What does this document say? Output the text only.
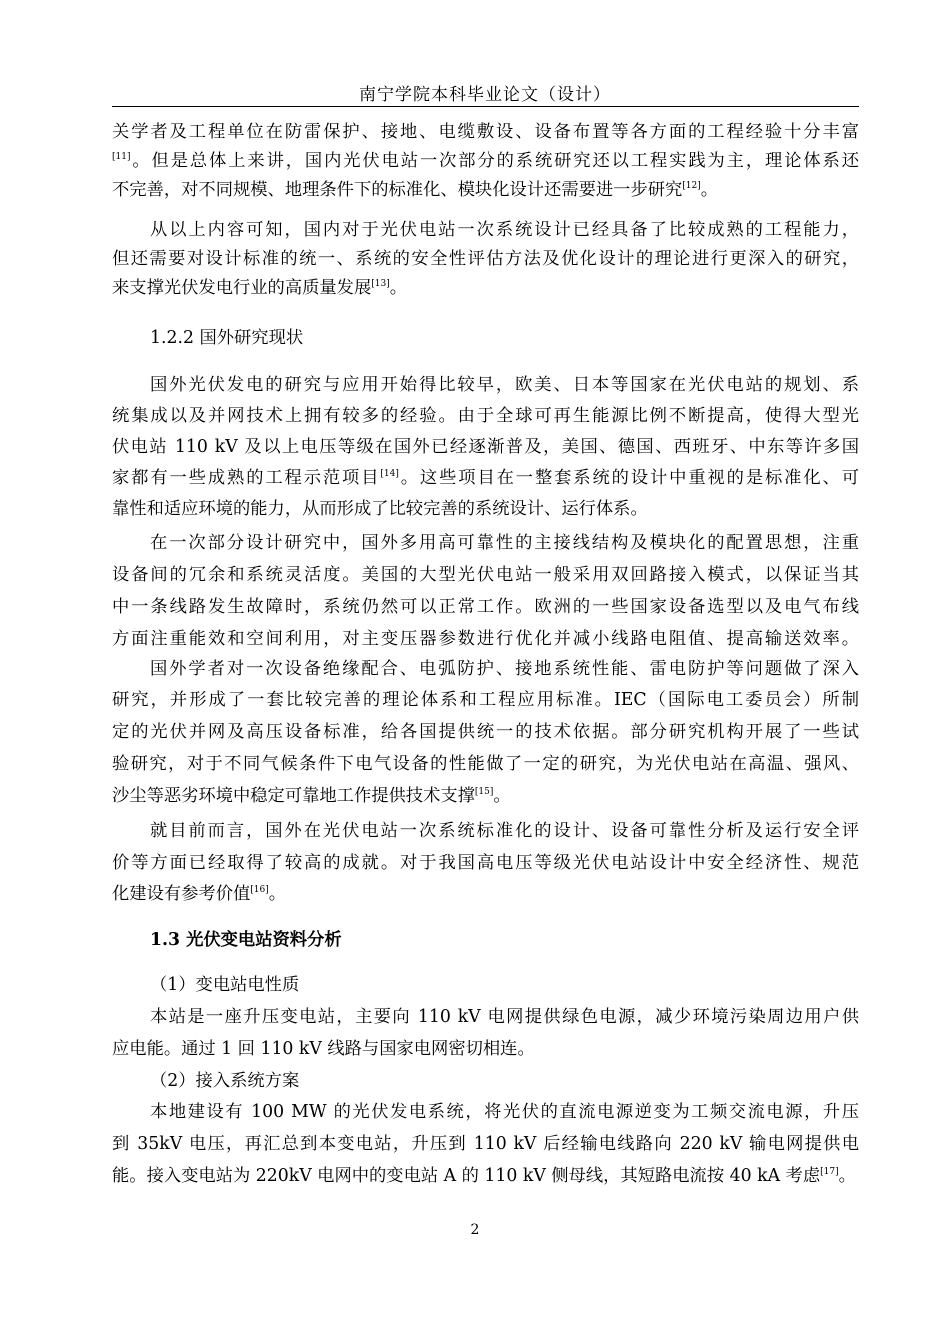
南宁学院本科毕业论文（设计）
关学者及工程单位在防雷保护、接地、电缆敷设、设备布置等各方面的工程经验十分丰富
[11]。但是总体上来讲，国内光伏电站一次部分的系统研究还以工程实践为主，理论体系还
不完善，对不同规模、地理条件下的标准化、模块化设计还需要进一步研究[12]。
从以上内容可知，国内对于光伏电站一次系统设计已经具备了比较成熟的工程能力，
但还需要对设计标准的统一、系统的安全性评估方法及优化设计的理论进行更深入的研究，
来支撑光伏发电行业的高质量发展[13]。
1.2.2 国外研究现状
国外光伏发电的研究与应用开始得比较早，欧美、日本等国家在光伏电站的规划、系
统集成以及并网技术上拥有较多的经验。由于全球可再生能源比例不断提高，使得大型光
伏电站 110 kV 及以上电压等级在国外已经逐渐普及，美国、德国、西班牙、中东等许多国
家都有一些成熟的工程示范项目[14]。这些项目在一整套系统的设计中重视的是标准化、可
靠性和适应环境的能力，从而形成了比较完善的系统设计、运行体系。
在一次部分设计研究中，国外多用高可靠性的主接线结构及模块化的配置思想，注重
设备间的冗余和系统灵活度。美国的大型光伏电站一般采用双回路接入模式，以保证当其
中一条线路发生故障时，系统仍然可以正常工作。欧洲的一些国家设备选型以及电气布线
方面注重能效和空间利用，对主变压器参数进行优化并减小线路电阻值、提高输送效率。
国外学者对一次设备绝缘配合、电弧防护、接地系统性能、雷电防护等问题做了深入
研究，并形成了一套比较完善的理论体系和工程应用标准。IEC（国际电工委员会）所制
定的光伏并网及高压设备标准，给各国提供统一的技术依据。部分研究机构开展了一些试
验研究，对于不同气候条件下电气设备的性能做了一定的研究，为光伏电站在高温、强风、
沙尘等恶劣环境中稳定可靠地工作提供技术支撑[15]。
就目前而言，国外在光伏电站一次系统标准化的设计、设备可靠性分析及运行安全评
价等方面已经取得了较高的成就。对于我国高电压等级光伏电站设计中安全经济性、规范
化建设有参考价值[16]。
1.3 光伏变电站资料分析
（1）变电站电性质
本站是一座升压变电站，主要向 110 kV 电网提供绿色电源，减少环境污染周边用户供
应电能。通过 1 回 110 kV 线路与国家电网密切相连。
（2）接入系统方案
本地建设有 100 MW 的光伏发电系统，将光伏的直流电源逆变为工频交流电源，升压
到 35kV 电压，再汇总到本变电站，升压到 110 kV 后经输电线路向 220 kV 输电网提供电
能。接入变电站为 220kV 电网中的变电站 A 的 110 kV 侧母线，其短路电流按 40 kA 考虑[17]。
2
